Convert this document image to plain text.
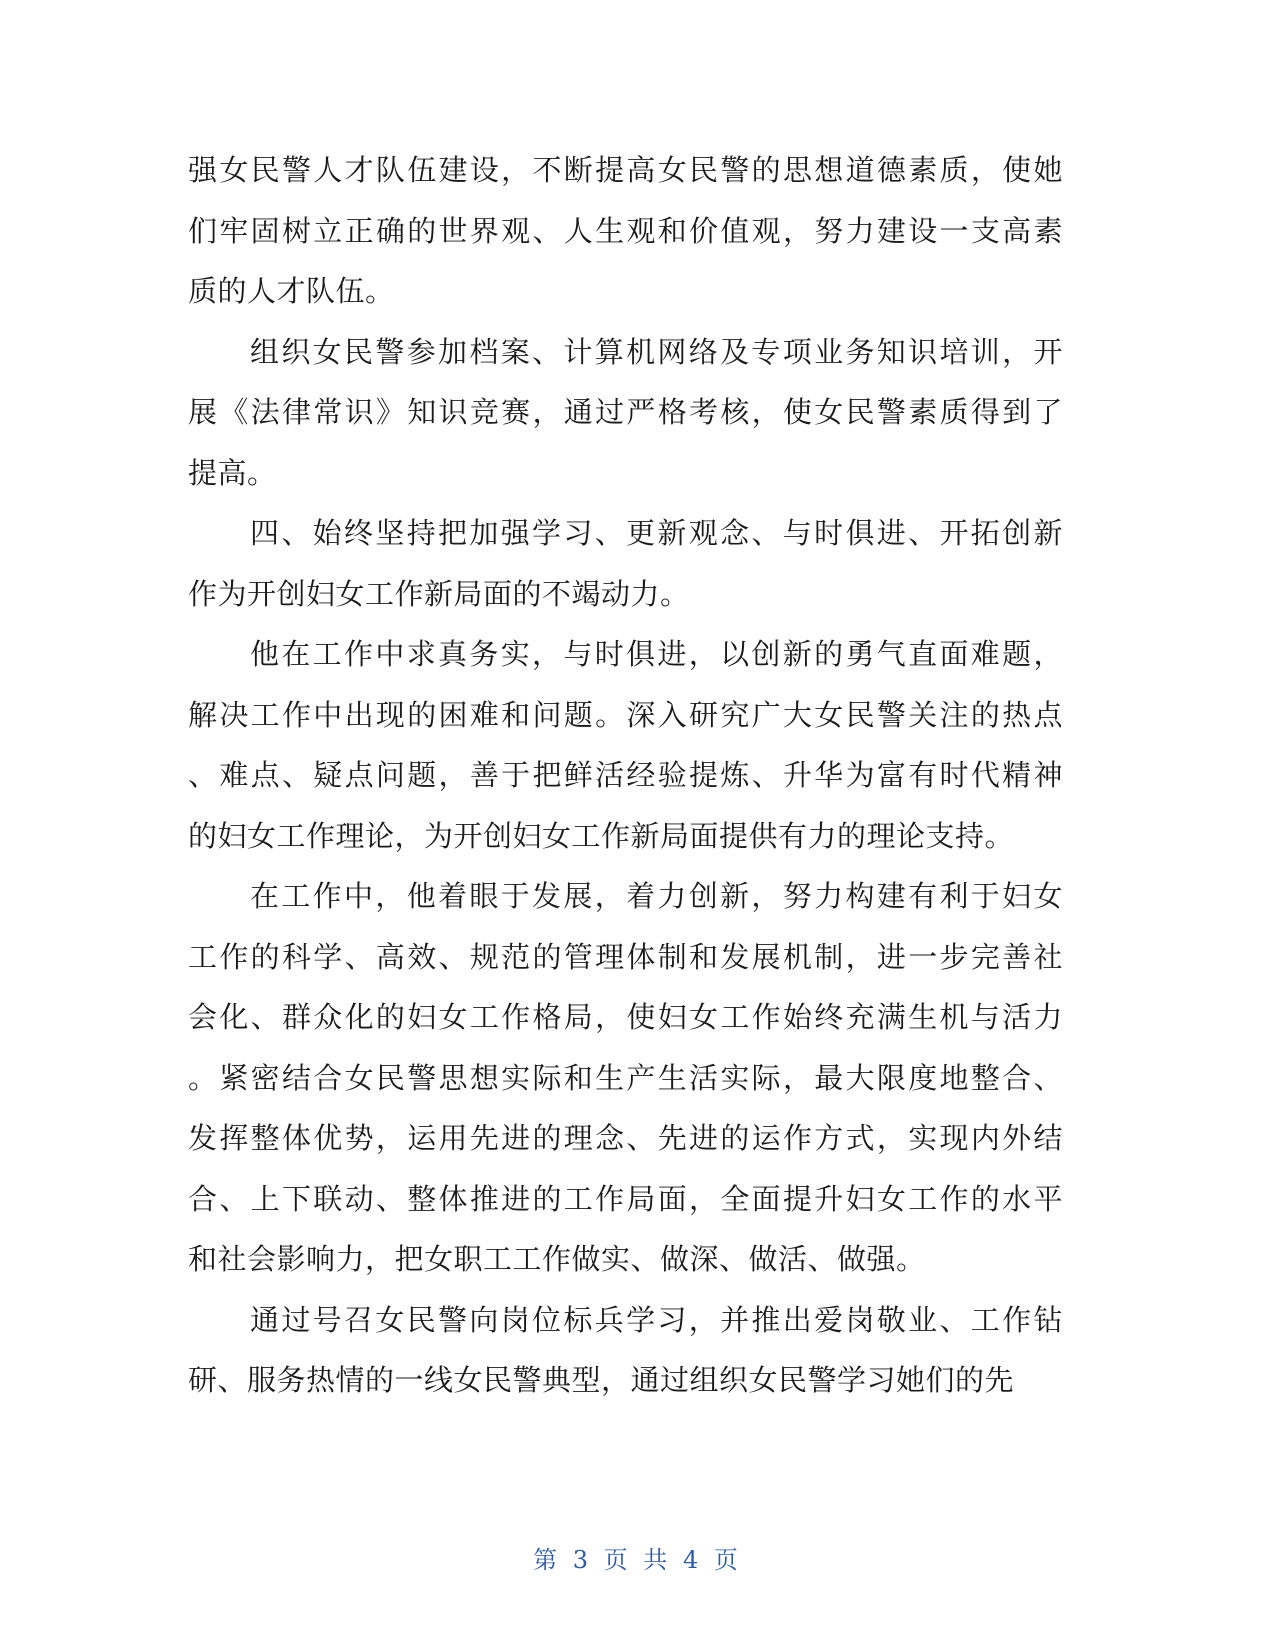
强女民警人才队伍建设，不断提高女民警的思想道德素质，使她
们牢固树立正确的世界观、人生观和价值观，努力建设一支高素
质的人才队伍。
组织女民警参加档案、计算机网络及专项业务知识培训，开
展《法律常识》知识竞赛，通过严格考核，使女民警素质得到了
提高。
四、始终坚持把加强学习、更新观念、与时俱进、开拓创新
作为开创妇女工作新局面的不竭动力。
他在工作中求真务实，与时俱进，以创新的勇气直面难题，
解决工作中出现的困难和问题。深入研究广大女民警关注的热点
、难点、疑点问题，善于把鲜活经验提炼、升华为富有时代精神
的妇女工作理论，为开创妇女工作新局面提供有力的理论支持。
在工作中，他着眼于发展，着力创新，努力构建有利于妇女
工作的科学、高效、规范的管理体制和发展机制，进一步完善社
会化、群众化的妇女工作格局，使妇女工作始终充满生机与活力
。紧密结合女民警思想实际和生产生活实际，最大限度地整合、
发挥整体优势，运用先进的理念、先进的运作方式，实现内外结
合、上下联动、整体推进的工作局面，全面提升妇女工作的水平
和社会影响力，把女职工工作做实、做深、做活、做强。
通过号召女民警向岗位标兵学习，并推出爱岗敬业、工作钻
研、服务热情的一线女民警典型，通过组织女民警学习她们的先
第 3 页 共 4 页
